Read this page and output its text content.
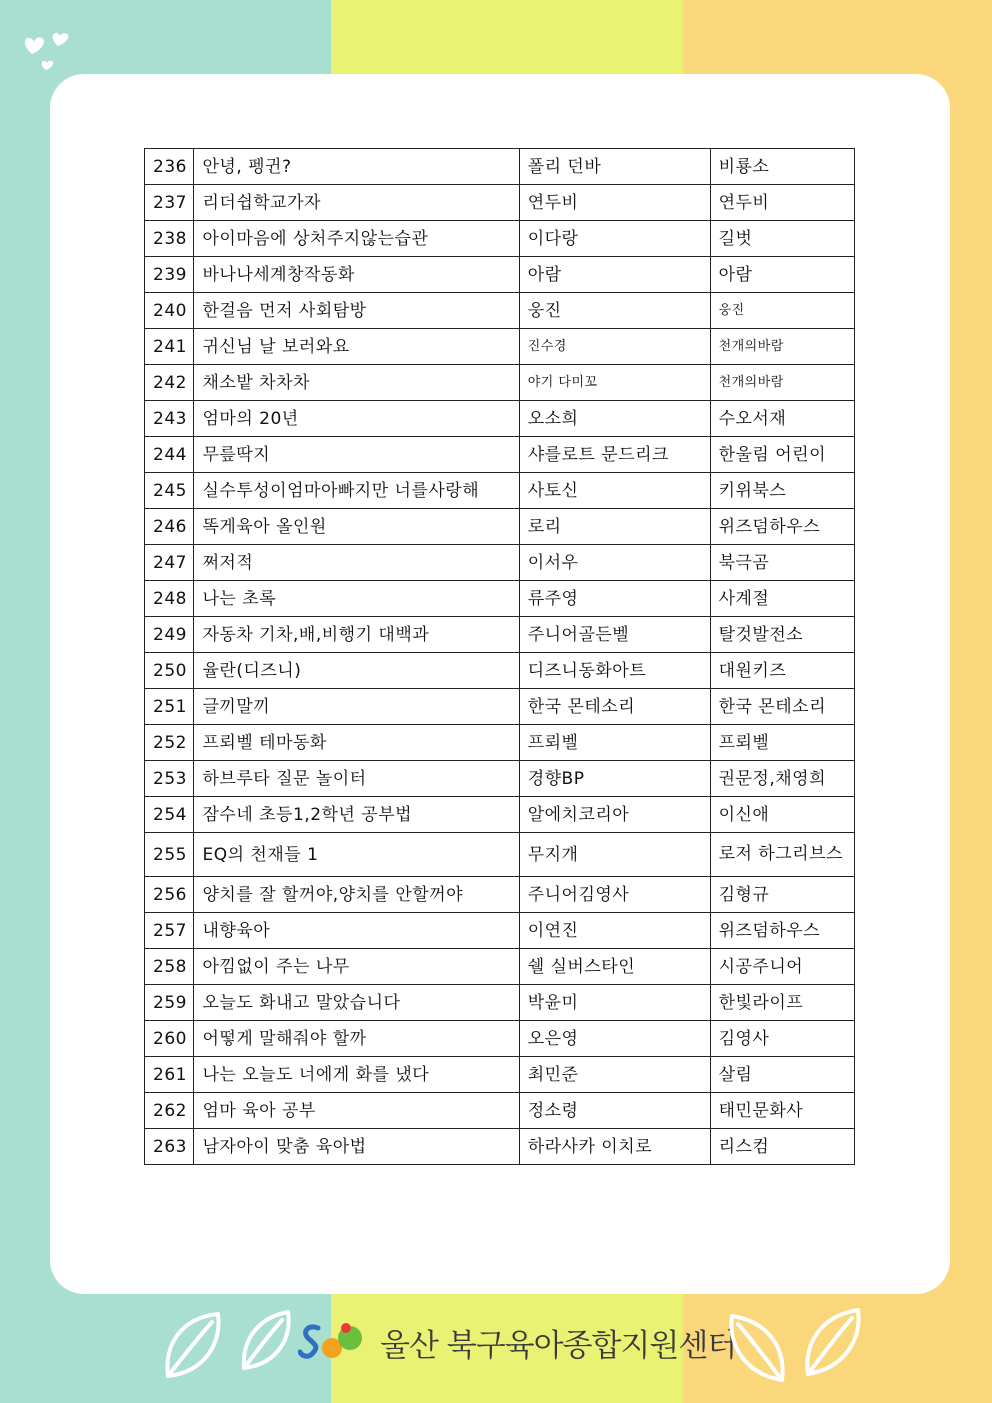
236	안녕, 펭귄?	폴리 던바	비룡소
237	리더쉽학교가자	연두비	연두비
238	아이마음에 상처주지않는습관	이다랑	길벗
239	바나나세계창작동화	아람	아람
240	한걸음 먼저 사회탐방	웅진	웅진
241	귀신님 날 보러와요	진수경	천개의바람
242	채소밭 차차차	야기 다미꼬	천개의바람
243	엄마의 20년	오소희	수오서재
244	무릎딱지	샤를로트 문드리크	한울림 어린이
245	실수투성이엄마아빠지만 너를사랑해	사토신	키위북스
246	똑게육아 올인원	로리	위즈덤하우스
247	쩌저적	이서우	북극곰
248	나는 초록	류주영	사계절
249	자동차 기차,배,비행기 대백과	주니어골든벨	탈것발전소
250	율란(디즈니)	디즈니동화아트	대원키즈
251	글끼말끼	한국 몬테소리	한국 몬테소리
252	프뢰벨 테마동화	프뢰벨	프뢰벨
253	하브루타 질문 놀이터	경향BP	권문정,채영희
254	잠수네 초등1,2학년 공부법	알에치코리아	이신애
255	EQ의 천재들 1	무지개	로저 하그리브스
256	양치를 잘 할꺼야,양치를 안할꺼야	주니어김영사	김형규
257	내향육아	이연진	위즈덤하우스
258	아낌없이 주는 나무	쉘 실버스타인	시공주니어
259	오늘도 화내고 말았습니다	박윤미	한빛라이프
260	어떻게 말해줘야 할까	오은영	김영사
261	나는 오늘도 너에게 화를 냈다	최민준	살림
262	엄마 육아 공부	정소령	태민문화사
263	남자아이 맞춤 육아법	하라사카 이치로	리스컴
울산 북구육아종합지원센터
